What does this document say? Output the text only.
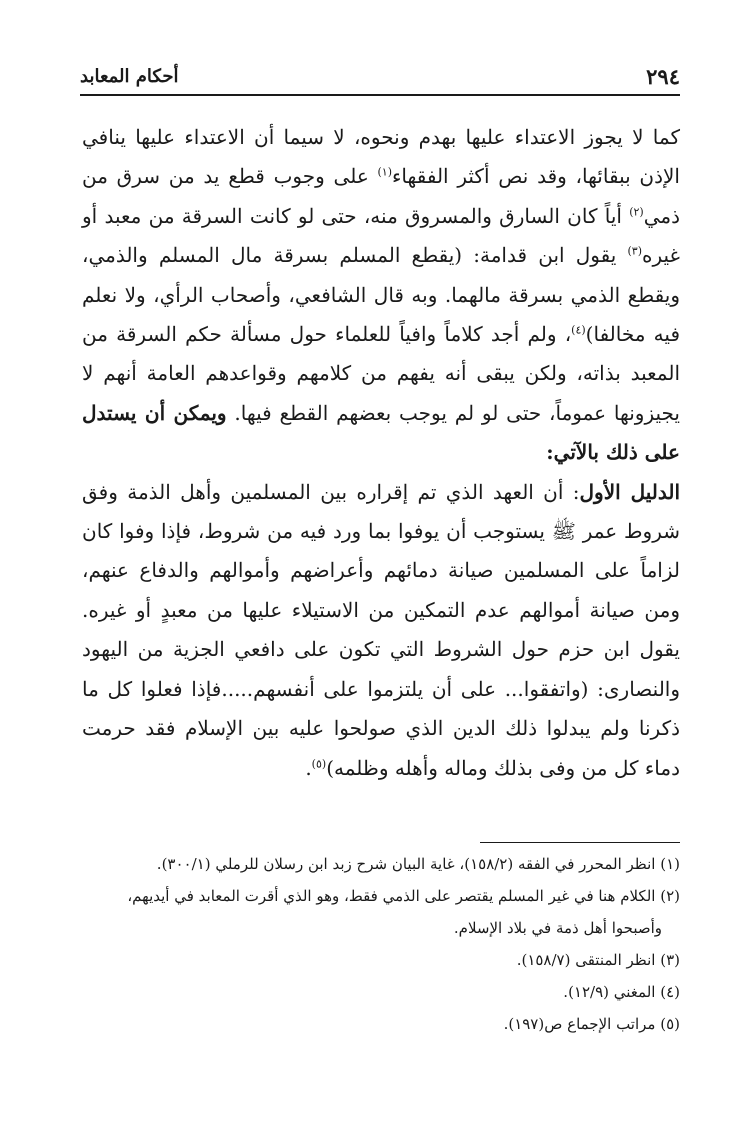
٢٩٤
أحكام المعابد

كما لا يجوز الاعتداء عليها بهدم ونحوه، لا سيما أن الاعتداء عليها ينافي الإذن ببقائها، وقد نص أكثر الفقهاء$^{(١)}$ على وجوب قطع يد من سرق من ذمي$^{(٢)}$ أياً كان السارق والمسروق منه، حتى لو كانت السرقة من معبد أو غيره$^{(٣)}$ يقول ابن قدامة: (يقطع المسلم بسرقة مال المسلم والذمي، ويقطع الذمي بسرقة مالهما. وبه قال الشافعي، وأصحاب الرأي، ولا نعلم فيه مخالفا)$^{(٤)}$، ولم أجد كلاماً وافياً للعلماء حول مسألة حكم السرقة من المعبد بذاته، ولكن يبقى أنه يفهم من كلامهم وقواعدهم العامة أنهم لا يجيزونها عموماً، حتى لو لم يوجب بعضهم القطع فيها. ويمكن أن يستدل على ذلك بالآتي:

الدليل الأول: أن العهد الذي تم إقراره بين المسلمين وأهل الذمة وفق شروط عمر ﷺ يستوجب أن يوفوا بما ورد فيه من شروط، فإذا وفوا كان لزاماً على المسلمين صيانة دمائهم وأعراضهم وأموالهم والدفاع عنهم، ومن صيانة أموالهم عدم التمكين من الاستيلاء عليها من معبدٍ أو غيره. يقول ابن حزم حول الشروط التي تكون على دافعي الجزية من اليهود والنصارى: (واتفقوا... على أن يلتزموا على أنفسهم.....فإذا فعلوا كل ما ذكرنا ولم يبدلوا ذلك الدين الذي صولحوا عليه بين الإسلام فقد حرمت دماء كل من وفى بذلك وماله وأهله وظلمه)$^{(٥)}$.

(١) انظر المحرر في الفقه (١٥٨/٢)، غاية البيان شرح زبد ابن رسلان للرملي (٣٠٠/١).
(٢) الكلام هنا في غير المسلم يقتصر على الذمي فقط، وهو الذي أقرت المعابد في أيديهم،
وأصبحوا أهل ذمة في بلاد الإسلام.
(٣) انظر المنتقى (١٥٨/٧).
(٤) المغني (١٢/٩).
(٥) مراتب الإجماع ص(١٩٧).
